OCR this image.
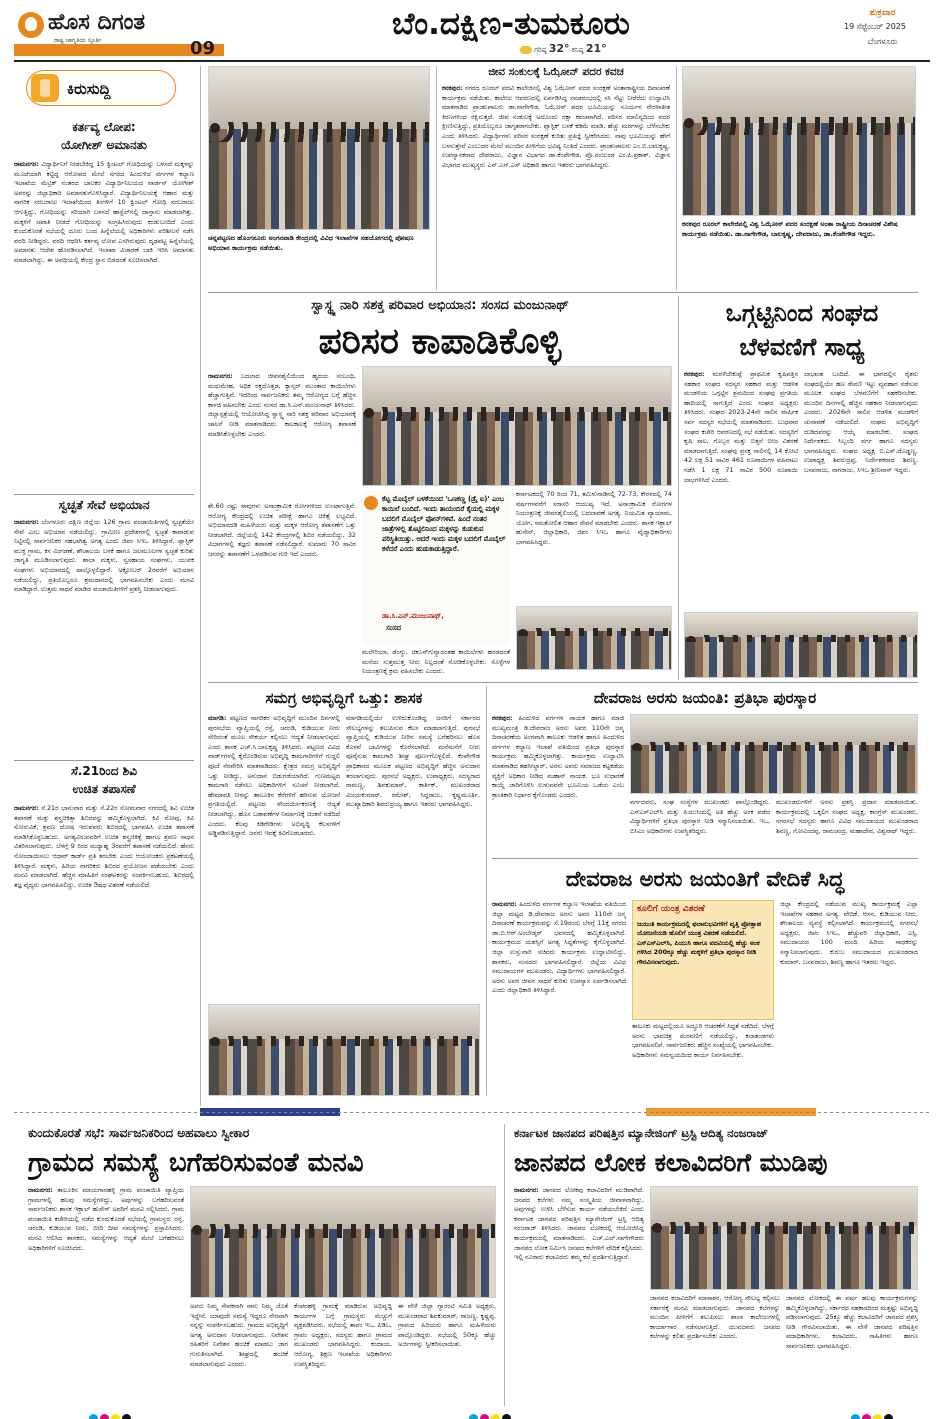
ಹೊಸ ದಿಗಂತ
ರಾಷ್ಟ್ರ ಜಾಗೃತಿಯ ಸ್ಫೂರ್ತಿ	09
ಬೆಂ.ದಕ್ಷಿಣ-ತುಮಕೂರು
ಗರಿಷ್ಠ 32° ಕನಿಷ್ಠ 21°
ಶುಕ್ರವಾರ
19 ಸೆಪ್ಟೆಂಬರ್ 2025
ಬೆಂಗಳೂರು
ಕಿರುಸುದ್ದಿ
ಕರ್ತವ್ಯ ಲೋಪ:
ಯೋಗೀಶ್ ಅಮಾನತು
ರಾಮನಗರ: ವಿದ್ಯಾರ್ಥಿನಿಗೆ ನೀಡಬೇಕಿದ್ದ 15 ಕ್ವಿಂಟಲ್ ಗೋಧಿಯನ್ನು ಬಳಸದೆ ಮಕ್ಕಳನ್ನು ಮೂಟೆಯಾಗಿ ಕಟ್ಟಿದ್ದ ಆರೋಪದ ಮೇಲೆ ನಗರದ ಹಿಂದುಳಿದ ವರ್ಗಗಳ ಕಲ್ಯಾಣ ಇಲಾಖೆಯ ಮೆಟ್ರಿಕ್ ನಂತರದ ಬಾಲಕರ ವಿದ್ಯಾರ್ಥಿನಿಲಯದ ವಾರ್ಡನ್ ಯೋಗೀಶ್ ಅವರನ್ನು ಜಿಲ್ಲಾಧಿಕಾರಿ ಅಮಾನತುಗೊಳಿಸಿದ್ದಾರೆ. ವಿದ್ಯಾರ್ಥಿನಿಲಯಕ್ಕೆ ಆಹಾರ ಮತ್ತು ನಾಗರಿಕ ಸರಬರಾಜು ಇಲಾಖೆಯಿಂದ ತಿಂಗಳಿಗೆ 10 ಕ್ವಿಂಟಲ್ ಗೋಧಿ ಸರಬರಾಜು ಆಗುತ್ತಿದ್ದು, ಗೋಧಿಯನ್ನು ಸರಿಯಾಗಿ ಬಳಸದೆ ಹಾಸ್ಟೆಲ್‌ನಲ್ಲಿ ದಾಸ್ತಾನು ಮಾಡಲಾಗಿತ್ತು. ಮಕ್ಕಳಿಗೆ ಚಪಾತಿ ನೀಡದೆ ಗೋಧಿಯನ್ನು ಸಂಗ್ರಹಿಸಿರುವುದು ಕಂಡುಬಂದಿದೆ ಎಂದು ಕುಂದುಕೊರತೆ ಸಭೆಯಲ್ಲಿ ದೂರು ಬಂದ ಹಿನ್ನೆಲೆಯಲ್ಲಿ ಅಧಿಕಾರಿಗಳು ಪರಿಶೀಲನೆ ನಡೆಸಿ ವರದಿ ನೀಡಿದ್ದರು. ವರದಿ ಆಧರಿಸಿ ಕರ್ತವ್ಯ ಲೋಪ ಎಸಗಿರುವುದು ದೃಢಪಟ್ಟ ಹಿನ್ನೆಲೆಯಲ್ಲಿ ಅಮಾನತು ಆದೇಶ ಹೊರಡಿಸಲಾಗಿದೆ. ಇಲಾಖಾ ವಿಚಾರಣೆ ಬಾಕಿ ಇರಿಸಿ ಅಮಾನತು ಮಾಡಲಾಗಿದ್ದು, ಈ ಅವಧಿಯಲ್ಲಿ ಕೇಂದ್ರ ಸ್ಥಾನ ಬಿಡದಂತೆ ಸೂಚಿಸಲಾಗಿದೆ.
ಸ್ವಚ್ಛತೆ ಸೇವೆ ಅಭಿಯಾನ
ರಾಮನಗರ: ಬೆಂಗಳೂರು ದಕ್ಷಿಣ ಜಿಲ್ಲೆಯ 126 ಗ್ರಾಮ ಪಂಚಾಯಿತಿಗಳಲ್ಲಿ ಸ್ವಚ್ಛತೆಯೇ ಸೇವೆ ಎಂಬ ಅಭಿಯಾನ ನಡೆಯಲಿದ್ದು, ಗ್ರಾಮೀಣ ಪ್ರದೇಶಗಳಲ್ಲಿ ಸ್ವಚ್ಛತೆ ಕಾಪಾಡುವ ನಿಟ್ಟಿನಲ್ಲಿ ಸಾರ್ವಜನಿಕರ ಸಹಭಾಗಿತ್ವ ಅಗತ್ಯ ಎಂದು ಜಿಪಂ ಸಿಇಒ ತಿಳಿಸಿದ್ದಾರೆ. ಪ್ಲಾಸ್ಟಿಕ್ ಮುಕ್ತ ಗ್ರಾಮ, ಕಸ ವಿಂಗಡಣೆ, ಶೌಚಾಲಯ ಬಳಕೆ ಹಾಗೂ ಜಲಮೂಲಗಳ ಸ್ವಚ್ಛತೆ ಕುರಿತು ಜಾಗೃತಿ ಮೂಡಿಸಲಾಗುವುದು. ಶಾಲಾ ಮಕ್ಕಳು, ಸ್ವಸಹಾಯ ಸಂಘಗಳು, ಯುವಕ ಸಂಘಗಳು ಅಭಿಯಾನದಲ್ಲಿ ಪಾಲ್ಗೊಳ್ಳಲಿದ್ದಾರೆ. ಅಕ್ಟೋಬರ್ 2ರವರೆಗೆ ಅಭಿಯಾನ ನಡೆಯಲಿದ್ದು, ಪ್ರತಿಯೊಬ್ಬರೂ ಶ್ರಮದಾನದಲ್ಲಿ ಭಾಗವಹಿಸಬೇಕು ಎಂದು ಮನವಿ ಮಾಡಿದ್ದಾರೆ. ಉತ್ತಮ ಸಾಧನೆ ಮಾಡಿದ ಪಂಚಾಯಿತಿಗಳಿಗೆ ಪ್ರಶಸ್ತಿ ನೀಡಲಾಗುವುದು.
ಸೆ.21ರಿಂದ ಶಿವಿ
ಉಚಿತ ತಪಾಸಣೆ
ರಾಮನಗರ: ಸೆ.21ರ ಭಾನುವಾರ ಮತ್ತು ಸೆ.22ರ ಸೋಮವಾರ ನಗರದಲ್ಲಿ ಶಿವಿ ಉಚಿತ ತಪಾಸಣೆ ಮತ್ತು ಶಸ್ತ್ರಚಿಕಿತ್ಸಾ ಶಿಬಿರವನ್ನು ಹಮ್ಮಿಕೊಳ್ಳಲಾಗಿದೆ. ಕಿವಿ ನೋವು, ಕಿವಿ ಸೋರುವಿಕೆ, ಶ್ರವಣ ದೋಷ ಇರುವವರು ಶಿಬಿರದಲ್ಲಿ ಭಾಗವಹಿಸಿ ಉಚಿತ ತಪಾಸಣೆ ಮಾಡಿಸಿಕೊಳ್ಳಬಹುದು. ಅಗತ್ಯವಿರುವವರಿಗೆ ಉಚಿತ ಶಸ್ತ್ರಚಿಕಿತ್ಸೆ ಹಾಗೂ ಶ್ರವಣ ಸಾಧನ ವಿತರಿಸಲಾಗುವುದು. ಬೆಳಗ್ಗೆ 9 ರಿಂದ ಮಧ್ಯಾಹ್ನ 3ರವರೆಗೆ ತಪಾಸಣೆ ನಡೆಯಲಿದೆ. ಹೆಸರು ನೋಂದಾಯಿಸಲು ಆಧಾರ್ ಕಾರ್ಡ್ ಪ್ರತಿ ತರಬೇಕು ಎಂದು ಆಯೋಜಕರು ಪ್ರಕಟಣೆಯಲ್ಲಿ ತಿಳಿಸಿದ್ದಾರೆ. ಮಕ್ಕಳು, ಹಿರಿಯ ನಾಗರಿಕರು ಶಿಬಿರದ ಪ್ರಯೋಜನ ಪಡೆಯಬೇಕು ಎಂದು ಮನವಿ ಮಾಡಲಾಗಿದೆ. ಹೆಚ್ಚಿನ ಮಾಹಿತಿಗೆ ಸಂಘಟಕರನ್ನು ಸಂಪರ್ಕಿಸಬಹುದು. ಶಿಬಿರದಲ್ಲಿ ತಜ್ಞ ವೈದ್ಯರು ಭಾಗವಹಿಸಲಿದ್ದು, ಉಚಿತ ಔಷಧ ವಿತರಣೆ ನಡೆಯಲಿದೆ.
ಚನ್ನಪಟ್ಟಣದ ಹೊಂಗನೂರು ಅಂಗನವಾಡಿ ಕೇಂದ್ರದಲ್ಲಿ ವಿವಿಧ ಇಲಾಖೆಗಳ ಸಹಯೋಗದಲ್ಲಿ ಪೋಷಣ ಅಭಿಯಾನ ಕಾರ್ಯಕ್ರಮ ನಡೆಯಿತು.
ಜೀವ ಸಂಕುಲಕ್ಕೆ ಓಝೋನ್ ಪದರ ಕವಚ
ಕನಕಪುರ: ನಗರದ ರೂರಲ್ ಪದವಿ ಕಾಲೇಜಿನಲ್ಲಿ ವಿಶ್ವ ಓಝೋನ್ ಪದರ ಸಂರಕ್ಷಣೆ ಅಂತಾರಾಷ್ಟ್ರೀಯ ದಿನಾಚರಣೆ ಕಾರ್ಯಕ್ರಮ ನಡೆಯಿತು. ಕಾಲೇಜು ಆವರಣದಲ್ಲಿ ಏರ್ಪಡಿಸಿದ್ದ ಸಮಾರಂಭದಲ್ಲಿ ಸಸಿ ನೆಟ್ಟು ನೀರೆರೆದು ಉದ್ಘಾಟಿಸಿ ಮಾತನಾಡಿದ ಪ್ರಾಂಶುಪಾಲರು ಡಾ.ನಾಗೇಗೌಡ, ಓಝೋನ್ ಪದರ ಭೂಮಿಯನ್ನು ಸೂರ್ಯನ ನೇರಳಾತೀತ ಕಿರಣಗಳಿಂದ ರಕ್ಷಿಸುತ್ತದೆ. ಜೀವ ಸಂಕುಲಕ್ಕೆ ಅದೊಂದು ರಕ್ಷಾ ಕವಚವಾಗಿದೆ. ಪರಿಸರ ಮಾಲಿನ್ಯದಿಂದ ಪದರ ಕ್ಷೀಣಿಸುತ್ತಿದ್ದು, ಪ್ರತಿಯೊಬ್ಬರೂ ಜಾಗೃತರಾಗಬೇಕು. ಪ್ಲಾಸ್ಟಿಕ್ ಬಳಕೆ ಕಡಿಮೆ ಮಾಡಿ, ಹೆಚ್ಚು ಮರಗಳನ್ನು ಬೆಳೆಸಬೇಕು ಎಂದು ತಿಳಿಸಿದರು. ವಿದ್ಯಾರ್ಥಿಗಳು ಪರಿಸರ ಸಂರಕ್ಷಣೆ ಕುರಿತು ಪ್ರತಿಜ್ಞೆ ಸ್ವೀಕರಿಸಿದರು. ನಾವು ಭೂಮಿಯನ್ನು ಹೇಗೆ ಬಳಸುತ್ತೇವೆ ಎಂಬುದರ ಮೇಲೆ ಮುಂದಿನ ಪೀಳಿಗೆಯ ಭವಿಷ್ಯ ನಿಂತಿದೆ ಎಂದರು. ಪ್ರಾಂಶುಪಾಲರು ಎಂ.ಬಿ.ಬಾಲಕೃಷ್ಣ, ಉಪನ್ಯಾಸಕರಾದ ದೇವರಾಜು, ವಿಜ್ಞಾನ ವಿಭಾಗದ ಡಾ.ಕೆಂಪೇಗೌಡ, ಪ್ರೊ.ನಂಜುಂಡ ಎಂ.ಪಿ.ಪ್ರಕಾಶ್, ವಿಜ್ಞಾನ ವಿಭಾಗದ ಮುಖ್ಯಸ್ಥರು ಎನ್.ಎಸ್.ಎಸ್ ಅಧಿಕಾರಿ ಹಾಗೂ ಇತರರು ಭಾಗವಹಿಸಿದ್ದರು.
ಕನಕಪುರ ರೂರಲ್ ಕಾಲೇಜಿನಲ್ಲಿ ವಿಶ್ವ ಓಝೋನ್ ಪದರ ಸಂರಕ್ಷಣೆ ಅಂತಾ ರಾಷ್ಟ್ರೀಯ ದಿನಾಚರಣೆ ವಿಶೇಷ ಕಾರ್ಯಕ್ರಮ ನಡೆಯಿತು. ಡಾ.ನಾಗೇಗೌಡ, ಬಾಲಕೃಷ್ಣ, ದೇವರಾಜು, ಡಾ.ಕೆಂಪೇಗೌಡ ಇದ್ದರು.
ಸ್ವಾಸ್ಥ್ಯ ನಾರಿ ಸಶಕ್ತ ಪರಿವಾರ ಅಭಿಯಾನ: ಸಂಸದ ಮಂಜುನಾಥ್
ಪರಿಸರ ಕಾಪಾಡಿಕೊಳ್ಳಿ
ರಾಮನಗರ: ಬದಲಾದ ಜೀವನಶೈಲಿಯಿಂದ ಹೃದಯ ಸಂಬಂಧಿ, ಮಧುಮೇಹ, ಅಧಿಕ ರಕ್ತದೊತ್ತಡ, ಕ್ಯಾನ್ಸರ್ ಮುಂತಾದ ಕಾಯಿಲೆಗಳು ಹೆಚ್ಚಾಗುತ್ತಿವೆ. ಇದರಿಂದ ಸಾರ್ವಜನಿಕರು ತಮ್ಮ ಆರೋಗ್ಯದ ಬಗ್ಗೆ ಹೆಚ್ಚಿನ ಕಾಳಜಿ ವಹಿಸಬೇಕು ಎಂದು ಸಂಸದ ಡಾ.ಸಿ.ಎನ್.ಮಂಜುನಾಥ್ ತಿಳಿಸಿದರು. ಜಿಲ್ಲಾಸ್ಪತ್ರೆಯಲ್ಲಿ ಆಯೋಜಿಸಿದ್ದ ಸ್ವಾಸ್ಥ್ಯ ನಾರಿ ಸಶಕ್ತ ಪರಿವಾರ ಅಭಿಯಾನಕ್ಕೆ ಚಾಲನೆ ನೀಡಿ ಮಾತನಾಡಿದರು. ಕಾಲಕಾಲಕ್ಕೆ ಆರೋಗ್ಯ ತಪಾಸಣೆ ಮಾಡಿಸಿಕೊಳ್ಳಬೇಕು ಎಂದರು.
ಶೇ.60 ರಷ್ಟು ಸಾವುಗಳು ಅಸಾಂಕ್ರಾಮಿಕ ರೋಗಗಳಿಂದ ಉಂಟಾಗುತ್ತಿವೆ. ಆರೋಗ್ಯ ಕೇಂದ್ರದಲ್ಲಿ ಉಚಿತ ಪರೀಕ್ಷೆ ಹಾಗೂ ಚಿಕಿತ್ಸೆ ಲಭ್ಯವಿದೆ. ಅಭಿಯಾನದಡಿ ಮಹಿಳೆಯರು ಮತ್ತು ಮಕ್ಕಳ ಆರೋಗ್ಯ ತಪಾಸಣೆಗೆ ಒತ್ತು ನೀಡಲಾಗಿದೆ. ಜಿಲ್ಲೆಯಲ್ಲಿ 142 ಕೇಂದ್ರಗಳಲ್ಲಿ ಶಿಬಿರ ನಡೆಯಲಿದ್ದು, 32 ವಿಭಾಗಗಳಲ್ಲಿ ತಜ್ಞರು ತಪಾಸಣೆ ನಡೆಸಲಿದ್ದಾರೆ. ಸುಮಾರು 70 ಸಾವಿರ ಜನರನ್ನು ತಪಾಸಣೆಗೆ ಒಳಪಡಿಸುವ ಗುರಿ ಇದೆ ಎಂದರು.
ಕೆಟ್ಟ ಮೊಬೈಲ್ ಬಳಕೆಯಿಂದ 'ಒಣಕಣ್ಣ (ಡ್ರೈ ಐ)' ಎಂಬ ಕಾಯಿಲೆ ಬಂದಿದೆ. ಇಂದು ತಾಯಂದಿರೆ ಕೈಯಲ್ಲಿ ಮಕ್ಕಳ ಬದಲಿಗೆ ಮೊಬೈಲ್ ಫೋನ್‌ಗಳಿವೆ. ಹಿಂದೆ ನಂತರ ಜಾತ್ರೆಗಳಲ್ಲಿ ತೊಟ್ಟಿಲಿನಿಂದ ಮಕ್ಕಳನ್ನು ಕುಡುಕುವ ಪರಿಸ್ಥಿತಿಯಿತ್ತು. ಆದರೆ ಇಂದು ಮಕ್ಕಳ ಬದಲಿಗೆ ಮೊಬೈಲ್ ಕಳೆದರೆ ಎಂದು ಹುಡುಕಾಡುತ್ತಿದ್ದಾರೆ.
ಡಾ.ಸಿ.ಎನ್.ಮಂಜುನಾಥ್,
ಸಂಸದ
ಮಲೇರಿಯಾ, ಡೆಂಗ್ಯು, ಚಿಕೂನ್‌ಗುನ್ಯಾದಂತಹ ಕಾಯಿಲೆಗಳು ಹರಡದಂತೆ ಮನೆಯ ಸುತ್ತಮುತ್ತ ನೀರು ನಿಲ್ಲದಂತೆ ನೋಡಿಕೊಳ್ಳಬೇಕು. ಸೊಳ್ಳೆಗಳ ನಿಯಂತ್ರಣಕ್ಕೆ ಕ್ರಮ ವಹಿಸಬೇಕು ಎಂದರು.
ಕರ್ನಾಟಕದಲ್ಲಿ 70 ರಿಂದ 71, ತಮಿಳುನಾಡಿನಲ್ಲಿ 72-73, ಕೇರಳದಲ್ಲಿ 74 ವರ್ಷಗಳವರೆಗೆ ಸರಾಸರಿ ಆಯುಷ್ಯ ಇದೆ. ಅಸಾಂಕ್ರಾಮಿಕ ರೋಗಗಳ ನಿಯಂತ್ರಣಕ್ಕೆ ಜೀವನಶೈಲಿಯಲ್ಲಿ ಬದಲಾವಣೆ ಅಗತ್ಯ. ನಿಯಮಿತ ವ್ಯಾಯಾಮ, ಯೋಗ, ಸಮತೋಲಿತ ಆಹಾರ ಸೇವನೆ ಮಾಡಬೇಕು ಎಂದರು. ಶಾಸಕ ಇಕ್ಬಾಲ್ ಹುಸೇನ್, ಜಿಲ್ಲಾಧಿಕಾರಿ, ಜಿಪಂ ಸಿಇಒ ಹಾಗೂ ವೈದ್ಯಾಧಿಕಾರಿಗಳು ಭಾಗವಹಿಸಿದ್ದರು.
ಒಗ್ಗಟ್ಟಿನಿಂದ ಸಂಘದ
ಬೆಳವಣಿಗೆ ಸಾಧ್ಯ
ಕನಕಪುರ: ಮರಳೆಬೇಕುಪ್ಪೆ ಪ್ರಾಥಮಿಕ ಕೃಷಿಪತ್ತಿನ ಸಹಕಾರ ಸಂಘದ ಸದಸ್ಯರ ಸಹಕಾರ ಮತ್ತು ಆಡಳಿತ ಮಂಡಳಿಯ ಒಗ್ಗಟ್ಟಿನ ಶ್ರಮದಿಂದ ಸಂಘವು ಪ್ರಗತಿಯ ಹಾದಿಯಲ್ಲಿ ಸಾಗುತ್ತಿದೆ ಎಂದು ಸಂಘದ ಅಧ್ಯಕ್ಷರು ತಿಳಿಸಿದರು. ಸಂಘದ 2023-24ನೇ ಸಾಲಿನ ವಾರ್ಷಿಕ ಸರ್ವ ಸದಸ್ಯರ ಸಭೆಯಲ್ಲಿ ಮಾತನಾಡಿದರು. ಬುಧವಾರ ಸಂಘದ ಕಚೇರಿ ಆವರಣದಲ್ಲಿ ಸಭೆ ನಡೆಯಿತು. ಸದಸ್ಯರಿಗೆ ಕೃಷಿ ಸಾಲ, ಗೊಬ್ಬರ ಮತ್ತು ಬಿತ್ತನೆ ಬೀಜ ವಿತರಣೆ ಮಾಡಲಾಗುತ್ತಿದೆ. ಸಂಘವು ಪ್ರಸಕ್ತ ಸಾಲಿನಲ್ಲಿ 14 ಕೋಟಿ 42 ಲಕ್ಷ 51 ಸಾವಿರ 461 ರೂಪಾಯಿಗಳ ವಹಿವಾಟು ನಡೆಸಿ 1 ಲಕ್ಷ 71 ಸಾವಿರ 500 ರೂಪಾಯಿ ಲಾಭಗಳಿಸಿದೆ ಎಂದರು.
ಲಾಭಾಂಶ ಬಂದಿದೆ. ಈ ಭಾಗದಲ್ಲಿನ ರೈತರು ಸಂಘದಲ್ಲಿಯೇ ಹಣ ಠೇವಣಿ ಇಟ್ಟು ವ್ಯವಹಾರ ನಡೆಸುವ ಮೂಲಕ ಸಂಘದ ಬೆಳವಣಿಗೆಗೆ ಸಹಕರಿಸಬೇಕು. ಮುಂದಿನ ದಿನಗಳಲ್ಲಿ ಹೆಚ್ಚಿನ ಸಹಕಾರ ನೀಡಲಾಗುವುದು ಎಂದರು. 2026ನೇ ಸಾಲಿನ ಆಡಳಿತ ಮಂಡಳಿಗೆ ಚುನಾವಣೆ ನಡೆಯಲಿದೆ. ಸಂಘದ ಅಭಿವೃದ್ಧಿಗೆ ದುಡಿದವರನ್ನು ಆಯ್ಕೆ ಮಾಡಬೇಕು. ಸಂಘದ ನಿರ್ದೇಶಕರು, ಸಿಬ್ಬಂದಿ ವರ್ಗ ಹಾಗೂ ಸದಸ್ಯರು ಭಾಗವಹಿಸಿದ್ದರು. ಸಂಘದ ಅಧ್ಯಕ್ಷ ಬಿ.ಎಸ್.ದೊಡ್ಡಣ್ಣ, ಉಪಾಧ್ಯಕ್ಷ ಶಿವರುದ್ರಪ್ಪ, ನಿರ್ದೇಶಕರಾದ ಶಿವಣ್ಣ, ಬಸವರಾಜು, ನಾಗರಾಜು, ಸಿಇಒ ಶ್ರೀನಿವಾಸ್ ಇದ್ದರು.
ಸಮಗ್ರ ಅಭಿವೃದ್ಧಿಗೆ ಒತ್ತು: ಶಾಸಕ
ಮಾಗಡಿ: ಪಟ್ಟಣದ ನಾಗರಿಕರ ಅಭಿವೃದ್ಧಿಗೆ ಮುಂದಿನ ದಿನಗಳಲ್ಲಿ ಪುರಸಭೆಯ ವ್ಯಾಪ್ತಿಯಲ್ಲಿ ರಸ್ತೆ, ಚರಂಡಿ, ಕುಡಿಯುವ ನೀರು ಸೇರಿದಂತೆ ಮೂಲ ಸೌಕರ್ಯ ಕಲ್ಪಿಸಲು ಆದ್ಯತೆ ನೀಡಲಾಗುವುದು ಎಂದು ಶಾಸಕ ಎಚ್.ಸಿ.ಬಾಲಕೃಷ್ಣ ತಿಳಿಸಿದರು. ಪಟ್ಟಣದ ವಿವಿಧ ವಾರ್ಡ್‌ಗಳಲ್ಲಿ ಕೈಗೊಂಡಿರುವ ಅಭಿವೃದ್ಧಿ ಕಾಮಗಾರಿಗಳಿಗೆ ಗುದ್ದಲಿ ಪೂಜೆ ನೆರವೇರಿಸಿ ಮಾತನಾಡಿದರು. ಕ್ಷೇತ್ರದ ಸಮಗ್ರ ಅಭಿವೃದ್ಧಿಗೆ ಒತ್ತು ನೀಡಿದ್ದು, ಅನುದಾನ ಬಿಡುಗಡೆಯಾಗಿದೆ. ಗುಣಮಟ್ಟದ ಕಾಮಗಾರಿ ನಡೆಸಲು ಅಧಿಕಾರಿಗಳಿಗೆ ಸೂಚನೆ ನೀಡಲಾಗಿದೆ. ಹೇಮಾವತಿ ನೀರನ್ನು ತಾಲೂಕಿನ ಕೆರೆಗಳಿಗೆ ಹರಿಸುವ ಯೋಜನೆ ಪ್ರಗತಿಯಲ್ಲಿದೆ. ಪಟ್ಟಣದ ಸೌಂದರ್ಯೀಕರಣಕ್ಕೆ ಆದ್ಯತೆ ನೀಡಲಾಗಿದ್ದು, ಹೊಸ ಬಡಾವಣೆಗಳ ನಿರ್ಮಾಣಕ್ಕೆ ಚಿಂತನೆ ನಡೆದಿದೆ ಎಂದರು. ಕೆಲವು ಕಿಡಿಗೇಡಿಗಳು ಅಭಿವೃದ್ಧಿ ಕೆಲಸಗಳಿಗೆ ಅಡ್ಡಿಪಡಿಸುತ್ತಿದ್ದಾರೆ. ಜನರು ಇದಕ್ಕೆ ಕಿವಿಗೊಡಬಾರದು.
ಮಾಗಡಿಯಲ್ಲಿಯೇ ಉಳಿದುಕೊಂಡಿದ್ದ ಜನರಿಗೆ ಸರ್ಕಾರದ ಸೌಲಭ್ಯಗಳನ್ನು ತಲುಪಿಸುವ ಕೆಲಸ ಮಾಡಲಾಗುತ್ತಿದೆ. ಪುರಸಭೆ ವ್ಯಾಪ್ತಿಯಲ್ಲಿ ಕುಡಿಯುವ ನೀರಿನ ಸಮಸ್ಯೆ ಬಗೆಹರಿಸಲು ಹೊಸ ಕೊಳವೆ ಬಾವಿಗಳನ್ನು ಕೊರೆಸಲಾಗಿದೆ. ಮನೆಮನೆಗೆ ನೀರು ಪೂರೈಸುವ ಕಾಮಗಾರಿ ಶೀಘ್ರ ಪೂರ್ಣಗೊಳ್ಳಲಿದೆ. ಕೆಂಪೇಗೌಡ ಪ್ರಾಧಿಕಾರದ ಮೂಲಕ ಪಟ್ಟಣದ ಅಭಿವೃದ್ಧಿಗೆ ಹೆಚ್ಚಿನ ಅನುದಾನ ತರಲಾಗುವುದು. ಪುರಸಭೆ ಅಧ್ಯಕ್ಷರು, ಉಪಾಧ್ಯಕ್ಷರು, ಸದಸ್ಯರಾದ ರಾಮಣ್ಣ, ಶಿವಕುಮಾರ್, ಕಾರ್ತಿಕ್, ಮುಖಂಡರಾದ ವಿಜಯಕುಮಾರ್, ರಮೇಶ್, ಸಿದ್ದರಾಜು, ಕೃಷ್ಣಮೂರ್ತಿ, ಮುಖ್ಯಾಧಿಕಾರಿ ಶಿವರುದ್ರಯ್ಯ ಹಾಗೂ ಇತರರು ಭಾಗವಹಿಸಿದ್ದರು.
ದೇವರಾಜ ಅರಸು ಜಯಂತಿ: ಪ್ರತಿಭಾ ಪುರಸ್ಕಾರ
ಕನಕಪುರ: ಹಿಂದುಳಿದ ವರ್ಗಗಳ ನಾಯಕ ಹಾಗೂ ಮಾಜಿ ಮುಖ್ಯಮಂತ್ರಿ ಡಿ.ದೇವರಾಜ ಅರಸು ಅವರ 110ನೇ ಜನ್ಮ ದಿನಾಚರಣೆಯ ಅಂಗವಾಗಿ ತಾಲೂಕು ಆಡಳಿತ ಹಾಗೂ ಹಿಂದುಳಿದ ವರ್ಗಗಳ ಕಲ್ಯಾಣ ಇಲಾಖೆ ವತಿಯಿಂದ ಪ್ರತಿಭಾ ಪುರಸ್ಕಾರ ಕಾರ್ಯಕ್ರಮ ಹಮ್ಮಿಕೊಳ್ಳಲಾಗಿತ್ತು. ಕಾರ್ಯಕ್ರಮ ಉದ್ಘಾಟಿಸಿ ಮಾತನಾಡಿದ ತಹಸೀಲ್ದಾರ್, ಅರಸು ಅವರು ಸಮಾಜದ ಕಟ್ಟಕಡೆಯ ವ್ಯಕ್ತಿಗೆ ಅಧಿಕಾರ ನೀಡಿದ ಮಹಾನ್ ನಾಯಕ. ಭೂ ಸುಧಾರಣೆ ಕಾಯ್ದೆ ಜಾರಿಗೊಳಿಸಿ ಉಳುವವನೇ ಭೂಮಿಯ ಒಡೆಯ ಎಂಬ ಕ್ರಾಂತಿಕಾರಿ ನಿರ್ಧಾರ ಕೈಗೊಂಡರು ಎಂದರು.
ವರ್ಗದವರು, ಸಂಘ ಸಂಸ್ಥೆಗಳ ಮುಖಂಡರು ಪಾಲ್ಗೊಂಡಿದ್ದರು. ಎಸ್‌ಎಸ್‌ಎಲ್‌ಸಿ ಮತ್ತು ಪಿಯುಸಿಯಲ್ಲಿ ಅತಿ ಹೆಚ್ಚು ಅಂಕ ಪಡೆದ ವಿದ್ಯಾರ್ಥಿಗಳಿಗೆ ಪ್ರತಿಭಾ ಪುರಸ್ಕಾರ ನೀಡಿ ಸನ್ಮಾನಿಸಲಾಯಿತು. ಇಒ, ಬಿಸಿಎಂ ಅಧಿಕಾರಿಗಳು ಉಪಸ್ಥಿತರಿದ್ದರು.
ಮುಖಂಡರುಗಳಿಗೆ ಅರಸು ಪ್ರಶಸ್ತಿ ಪ್ರದಾನ ಮಾಡಲಾಯಿತು. ಕಾರ್ಯಕ್ರಮದಲ್ಲಿ ಒಕ್ಕಲಿಗ ಸಂಘದ ಅಧ್ಯಕ್ಷ, ಕಾಂಗ್ರೆಸ್ ಮುಖಂಡರು, ನಗರಸಭೆ ಸದಸ್ಯರು ಹಾಗೂ ವಿವಿಧ ಸಮುದಾಯದ ಮುಖಂಡರಾದ ಶಿವಣ್ಣ, ಗೋವಿಂದಪ್ಪ, ರಾಮಚಂದ್ರ, ಮಹಾದೇವ, ವಿಶ್ವನಾಥ್ ಇದ್ದರು.
ದೇವರಾಜ ಅರಸು ಜಯಂತಿಗೆ ವೇದಿಕೆ ಸಿದ್ಧ
ರಾಮನಗರ: ಹಿಂದುಳಿದ ವರ್ಗಗಳ ಕಲ್ಯಾಣ ಇಲಾಖೆಯ ವತಿಯಿಂದ ಜಿಲ್ಲಾ ಮಟ್ಟದ ಡಿ.ದೇವರಾಜ ಅರಸು ಅವರ 110ನೇ ಜನ್ಮ ದಿನಾಚರಣೆ ಕಾರ್ಯಕ್ರಮವನ್ನು ಸೆ.19ರಂದು ಬೆಳಗ್ಗೆ 11ಕ್ಕೆ ನಗರದ ಡಾ.ಬಿ.ಆರ್.ಅಂಬೇಡ್ಕರ್ ಭವನದಲ್ಲಿ ಹಮ್ಮಿಕೊಳ್ಳಲಾಗಿದೆ. ಕಾರ್ಯಕ್ರಮದ ಯಶಸ್ಸಿಗೆ ಅಗತ್ಯ ಸಿದ್ಧತೆಗಳನ್ನು ಕೈಗೊಳ್ಳಲಾಗಿದೆ. ಜಿಲ್ಲಾ ಉಸ್ತುವಾರಿ ಸಚಿವರು ಕಾರ್ಯಕ್ರಮ ಉದ್ಘಾಟಿಸಲಿದ್ದು, ಶಾಸಕರು, ಸಂಸದರು ಭಾಗವಹಿಸಲಿದ್ದಾರೆ. ಜಿಲ್ಲೆಯ ವಿವಿಧ ಸಮುದಾಯಗಳ ಮುಖಂಡರು, ವಿದ್ಯಾರ್ಥಿಗಳು ಭಾಗವಹಿಸಲಿದ್ದಾರೆ. ಅರಸು ಅವರ ಜೀವನ ಸಾಧನೆ ಕುರಿತು ಉಪನ್ಯಾಸ ಏರ್ಪಡಿಸಲಾಗಿದೆ ಎಂದು ಜಿಲ್ಲಾಧಿಕಾರಿ ತಿಳಿಸಿದ್ದಾರೆ.
ಕೂಲಿಗೆ ಯಂತ್ರ ವಿತರಣೆ
ಜಯಂತಿ ಕಾರ್ಯಕ್ರಮದಲ್ಲಿ ಫಲಾನುಭವಿಗಳಿಗೆ ವೃತ್ತಿ ಪ್ರೋತ್ಸಾಹ ಯೋಜನೆಯಡಿ ಹೊಲಿಗೆ ಯಂತ್ರ ವಿತರಣೆ ನಡೆಯಲಿದೆ. ಎಸ್‌ಎಸ್‌ಎಲ್‌ಸಿ, ಪಿಯುಸಿ ಹಾಗೂ ಪದವಿಯಲ್ಲಿ ಹೆಚ್ಚು ಅಂಕ ಗಳಿಸಿದ 200ಕ್ಕೂ ಹೆಚ್ಚು ಮಕ್ಕಳಿಗೆ ಪ್ರತಿಭಾ ಪುರಸ್ಕಾರ ನೀಡಿ ಗೌರವಿಸಲಾಗುವುದು.
ತಾಲೂಕು ಮಟ್ಟದಲ್ಲಿಯೂ ಅದ್ಧೂರಿ ಆಚರಣೆಗೆ ಸಿದ್ಧತೆ ನಡೆದಿದೆ. ಬೆಳಗ್ಗೆ ಅರಸು ಭಾವಚಿತ್ರ ಮೆರವಣಿಗೆ ನಡೆಯಲಿದ್ದು, ಕಲಾತಂಡಗಳು ಭಾಗವಹಿಸಲಿವೆ. ಸಾರ್ವಜನಿಕರು ಹೆಚ್ಚಿನ ಸಂಖ್ಯೆಯಲ್ಲಿ ಭಾಗವಹಿಸಬೇಕು. ಅಧಿಕಾರಿಗಳು ಸಮನ್ವಯದಿಂದ ಕಾರ್ಯ ನಿರ್ವಹಿಸಬೇಕು.
ಜಿಲ್ಲಾ ಕೇಂದ್ರದಲ್ಲಿ ನಡೆಯುವ ಮುಖ್ಯ ಕಾರ್ಯಕ್ರಮಕ್ಕೆ ಎಲ್ಲಾ ಇಲಾಖೆಗಳ ಸಹಕಾರ ಅಗತ್ಯ. ವೇದಿಕೆ, ಆಸನ, ಕುಡಿಯುವ ನೀರು, ಶೌಚಾಲಯ ವ್ಯವಸ್ಥೆ ಕಲ್ಪಿಸಲಾಗಿದೆ. ಕಾರ್ಯಕ್ರಮದಲ್ಲಿ ನಗರಸಭೆ ಅಧ್ಯಕ್ಷರು, ಜಿಪಂ ಸಿಇಒ, ಹೆಚ್ಚುವರಿ ಜಿಲ್ಲಾಧಿಕಾರಿ, ಎಸ್ಪಿ, ಸಮುದಾಯದ 100 ಮಂದಿ ಹಿರಿಯ ಸಾಧಕರನ್ನು ಸನ್ಮಾನಿಸಲಾಗುವುದು. ಕುರುಬ ಸಮುದಾಯದ ಮುಖಂಡರಾದ ಕುಮಾರ್, ಬಸವರಾಜು, ಶಿವಣ್ಣ ಹಾಗೂ ಇತರರು ಇದ್ದರು.
ಕುಂದುಕೊರತೆ ಸಭೆ: ಸಾರ್ವಜನಿಕರಿಂದ ಅಹವಾಲು ಸ್ವೀಕಾರ
ಗ್ರಾಮದ ಸಮಸ್ಯೆ ಬಗೆಹರಿಸುವಂತೆ ಮನವಿ
ರಾಮನಗರ: ತಾಲೂಕಿನ ಮಾಯಗಾನಹಳ್ಳಿ ಗ್ರಾಮ ಪಂಚಾಯಿತಿ ವ್ಯಾಪ್ತಿಯ ಗ್ರಾಮಗಳಲ್ಲಿ ಹಲವು ಸಮಸ್ಯೆಗಳಿದ್ದು, ಅವುಗಳನ್ನು ಬಗೆಹರಿಸುವಂತೆ ಸಾರ್ವಜನಿಕರು ಶಾಸಕ ಇಕ್ಬಾಲ್ ಹುಸೇನ್ ಅವರಿಗೆ ಮನವಿ ಸಲ್ಲಿಸಿದರು. ಗ್ರಾಮ ಪಂಚಾಯಿತಿ ಕಚೇರಿಯಲ್ಲಿ ನಡೆದ ಕುಂದುಕೊರತೆ ಸಭೆಯಲ್ಲಿ ಗ್ರಾಮಸ್ಥರು ರಸ್ತೆ, ಚರಂಡಿ, ಕುಡಿಯುವ ನೀರು, ಬೀದಿ ದೀಪ ಸಮಸ್ಯೆಗಳನ್ನು ಪ್ರಸ್ತಾಪಿಸಿದರು. ಮನವಿ ಆಲಿಸಿದ ಶಾಸಕರು, ಸಮಸ್ಯೆಗಳನ್ನು ಆದ್ಯತೆ ಮೇಲೆ ಬಗೆಹರಿಸಲು ಅಧಿಕಾರಿಗಳಿಗೆ ಸೂಚಿಸಿದರು.
ಅವರು ನಿಮ್ಮ ಸೇವಕನಾಗಿ ನಾನು ನಿಮ್ಮ ಜೊತೆ ಇದ್ದೇನೆ. ಯಾವುದೇ ಸಮಸ್ಯೆ ಇದ್ದರೂ ನೇರವಾಗಿ ನನ್ನನ್ನು ಸಂಪರ್ಕಿಸಬಹುದು. ಗ್ರಾಮದ ಅಭಿವೃದ್ಧಿಗೆ ಅಗತ್ಯ ಅನುದಾನ ನೀಡಲಾಗುವುದು. ನಿವೇಶನ ರಹಿತರಿಗೆ ನಿವೇಶನ ಹಂಚಿಕೆ ಮಾಡಲು ಜಾಗ ಗುರುತಿಸಲಾಗಿದೆ. ಶೀಘ್ರದಲ್ಲಿ ಹಂಚಿಕೆ ಮಾಡಲಾಗುವುದು ಎಂದರು.
ಕೆಂಪನಹಳ್ಳಿ ಗ್ರಾಮಕ್ಕೆ ಮಾಡಿರುವ ಅಭಿವೃದ್ಧಿ ಕಾರ್ಯಗಳ ಬಗ್ಗೆ ಗ್ರಾಮಸ್ಥರು ಮೆಚ್ಚುಗೆ ವ್ಯಕ್ತಪಡಿಸಿದರು. ಸಭೆಯಲ್ಲಿ ತಾಪಂ ಇಒ, ಪಿಡಿಒ, ಗ್ರಾಪಂ ಅಧ್ಯಕ್ಷರು, ಸದಸ್ಯರು ಹಾಗೂ ಗ್ರಾಮದ ಮುಖಂಡರು ಭಾಗವಹಿಸಿದ್ದರು. ಕಂದಾಯ, ಆರೋಗ್ಯ, ಶಿಕ್ಷಣ ಇಲಾಖೆಯ ಅಧಿಕಾರಿಗಳು ಉಪಸ್ಥಿತರಿದ್ದರು.
ಈ ವೇಳೆ ಜಿಲ್ಲಾ ಗ್ಯಾರಂಟಿ ಸಮಿತಿ ಅಧ್ಯಕ್ಷರು, ಮುಖಂಡರಾದ ಶಿವಕುಮಾರ್, ರಾಜಣ್ಣ, ಕೃಷ್ಣಪ್ಪ, ಗ್ರಾಮದ ಹಿರಿಯರು ಹಾಗೂ ಮಹಿಳೆಯರು ಪಾಲ್ಗೊಂಡಿದ್ದರು. ಸಭೆಯಲ್ಲಿ 50ಕ್ಕೂ ಹೆಚ್ಚು ಅರ್ಜಿಗಳನ್ನು ಸ್ವೀಕರಿಸಲಾಯಿತು.
ಕರ್ನಾಟಕ ಜಾನಪದ ಪರಿಷತ್ತಿನ ಮ್ಯಾನೇಜಿಂಗ್ ಟ್ರಸ್ಟಿ ಆದಿತ್ಯ ನಂಜರಾಜ್
ಜಾನಪದ ಲೋಕ ಕಲಾವಿದರಿಗೆ ಮುಡಿಪು
ರಾಮನಗರ: ಜಾನಪದ ಲೋಕವು ಕಲಾವಿದರಿಗೆ ಮುಡಿಪಾಗಿದೆ. ಜನಪದ ಕಲೆಗಳು ನಮ್ಮ ಸಂಸ್ಕೃತಿಯ ಜೀವಾಳವಾಗಿದ್ದು, ಅವುಗಳನ್ನು ಉಳಿಸಿ ಬೆಳೆಸುವ ಕಾರ್ಯ ನಡೆಯಬೇಕಿದೆ ಎಂದು ಕರ್ನಾಟಕ ಜಾನಪದ ಪರಿಷತ್ತಿನ ಮ್ಯಾನೇಜಿಂಗ್ ಟ್ರಸ್ಟಿ ಆದಿತ್ಯ ನಂಜರಾಜ್ ತಿಳಿಸಿದರು. ಜಾನಪದ ಲೋಕದಲ್ಲಿ ಆಯೋಜಿಸಿದ್ದ ಕಾರ್ಯಕ್ರಮದಲ್ಲಿ ಮಾತನಾಡಿದರು. ಎಚ್.ಎಲ್.ನಾಗೇಗೌಡರು ಜಾನಪದ ಲೋಕ ನಿರ್ಮಿಸಿ ಜನಪದ ಕಲೆಗಳಿಗೆ ವೇದಿಕೆ ಕಲ್ಪಿಸಿದರು. ಇಲ್ಲಿ ನೂರಾರು ಕಲಾವಿದರು ತಮ್ಮ ಕಲೆ ಪ್ರದರ್ಶಿಸುತ್ತಿದ್ದಾರೆ.
ಜಾನಪದ ಕಲಾವಿದರಿಗೆ ಮಾಸಾಶನ, ಆರೋಗ್ಯ ಸೌಲಭ್ಯ ಕಲ್ಪಿಸಲು ಸರ್ಕಾರಕ್ಕೆ ಮನವಿ ಮಾಡಲಾಗುವುದು. ಜಾನಪದ ಕಲೆಗಳನ್ನು ಮುಂದಿನ ಪೀಳಿಗೆಗೆ ತಲುಪಿಸಲು ಶಾಲಾ ಕಾಲೇಜುಗಳಲ್ಲಿ ಕಾರ್ಯಾಗಾರ ನಡೆಸಲಾಗುತ್ತಿದೆ. ಯುವಜನರು ಜನಪದ ಕಲೆಗಳನ್ನು ಕಲಿತು ಪ್ರದರ್ಶಿಸಬೇಕು ಎಂದರು.
ಜಾನಪದ ಲೋಕದಲ್ಲಿ ಈ ವರ್ಷ ಹಲವು ಕಾರ್ಯಕ್ರಮಗಳನ್ನು ಹಮ್ಮಿಕೊಳ್ಳಲಾಗಿದ್ದು, ಸರ್ಕಾರದ ಸಹಕಾರದಿಂದ ಮತ್ತಷ್ಟು ಅಭಿವೃದ್ಧಿ ಪಡಿಸಲಾಗುವುದು. 25ಕ್ಕೂ ಹೆಚ್ಚು ಕಲಾವಿದರಿಗೆ ಜಾನಪದ ಪ್ರಶಸ್ತಿ ನೀಡಿ ಗೌರವಿಸಲಾಯಿತು. ಈ ವೇಳೆ ಜಾನಪದ ಪರಿಷತ್ತಿನ ಪದಾಧಿಕಾರಿಗಳು, ಕಲಾವಿದರು, ಸಾಹಿತಿಗಳು ಹಾಗೂ ಸಾರ್ವಜನಿಕರು ಭಾಗವಹಿಸಿದ್ದರು.
